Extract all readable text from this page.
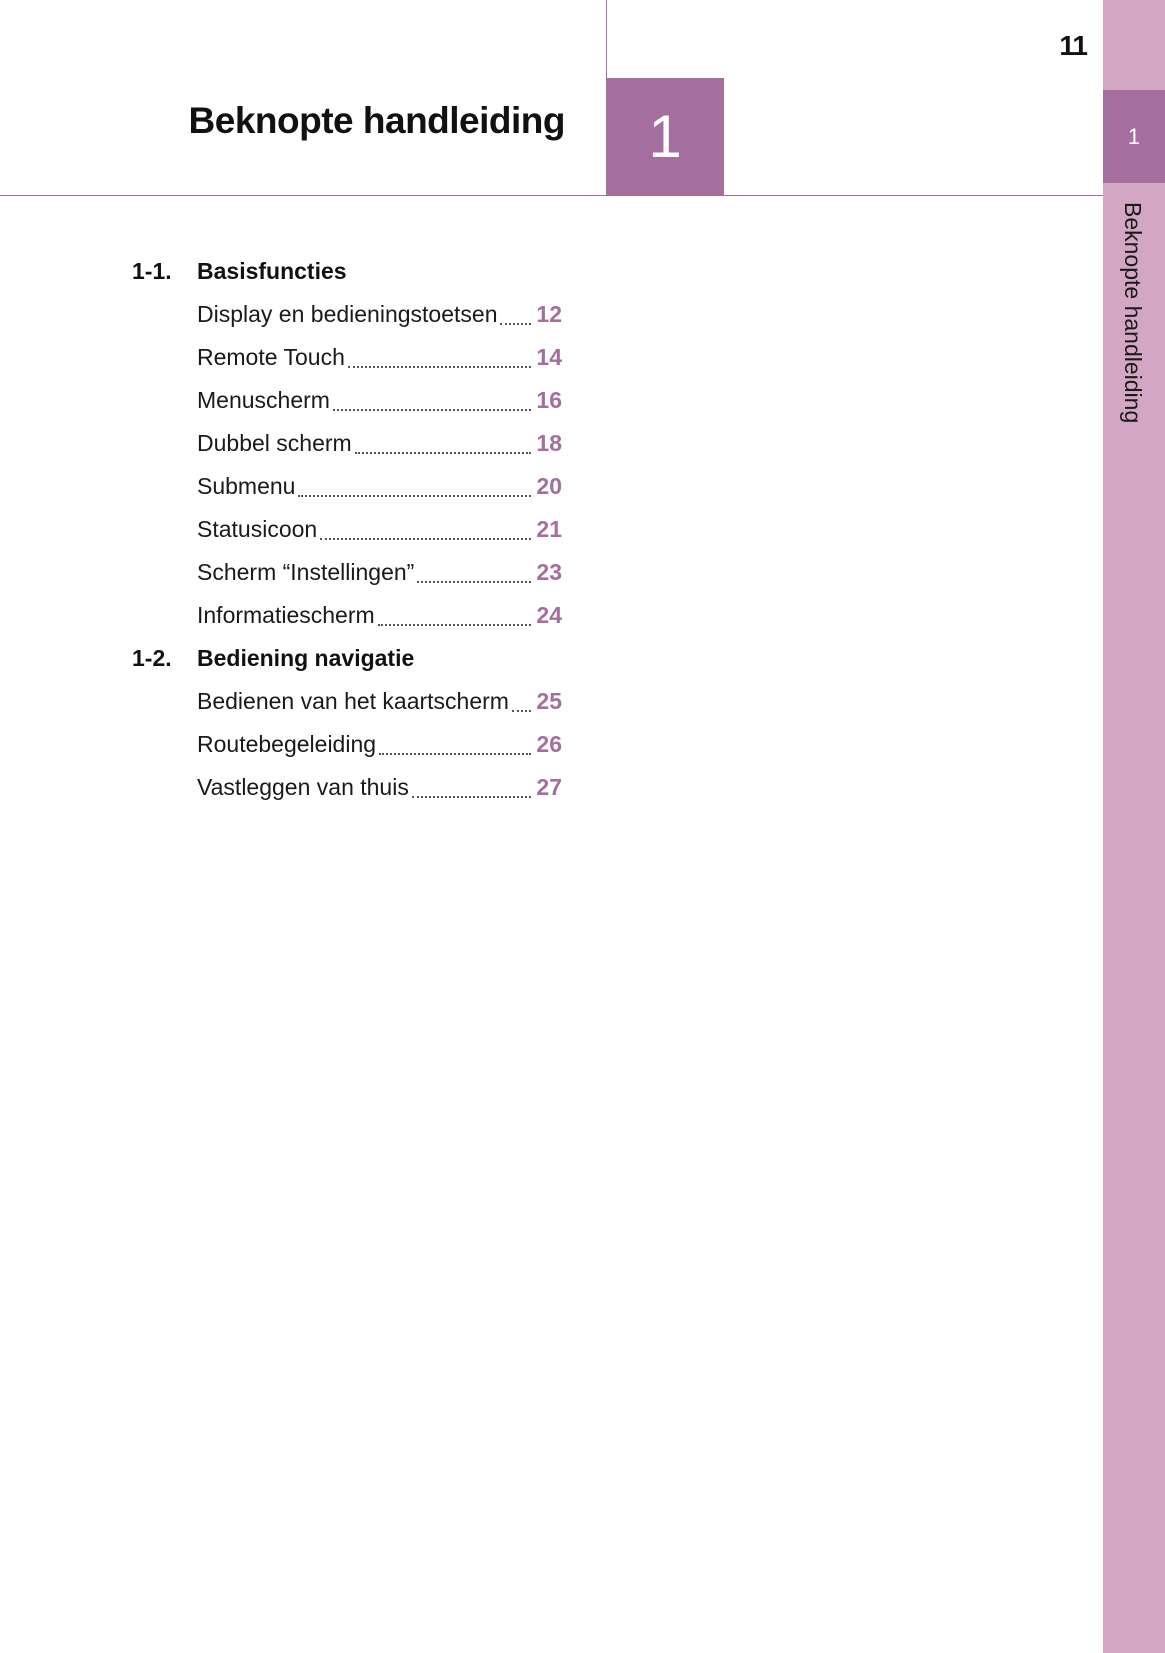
Beknopte handleiding	1
11
1
Beknopte handleiding
1-1.	Basisfuncties
Display en bedieningstoetsen 12
Remote Touch	14
Menuscherm	16
Dubbel scherm	18
Submenu	20
Statusicoon	21
Scherm “Instellingen”	23
Informatiescherm	24
1-2.	Bediening navigatie
Bedienen van het kaartscherm 25
Routebegeleiding	26
Vastleggen van thuis	27
